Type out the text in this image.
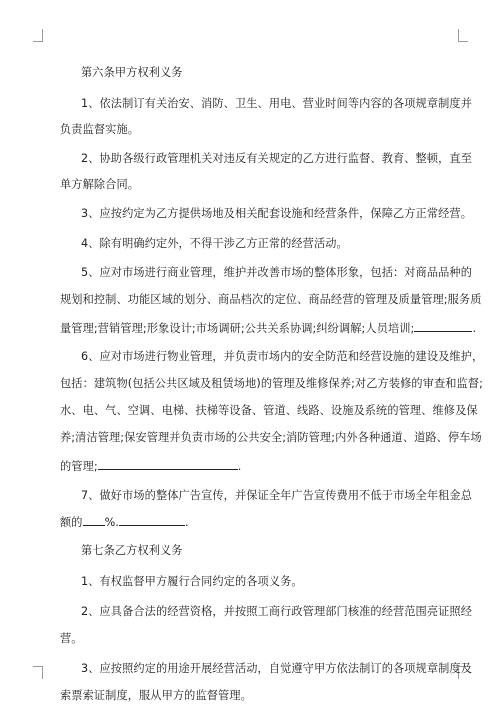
第六条甲方权利义务
1、依法制订有关治安、消防、卫生、用电、营业时间等内容的各项规章制度并
负责监督实施。
2、协助各级行政管理机关对违反有关规定的乙方进行监督、教育、整顿，直至
单方解除合同。
3、应按约定为乙方提供场地及相关配套设施和经营条件，保障乙方正常经营。
4、除有明确约定外，不得干涉乙方正常的经营活动。
5、应对市场进行商业管理，维护并改善市场的整体形象，包括：对商品品种的
规划和控制、功能区域的划分、商品档次的定位、商品经营的管理及质量管理;服务质
量管理;营销管理;形象设计;市场调研;公共关系协调;纠纷调解;人员培训;	.
6、应对市场进行物业管理，并负责市场内的安全防范和经营设施的建设及维护，
包括：建筑物(包括公共区域及租赁场地)的管理及维修保养;对乙方装修的审查和监督;
水、电、气、空调、电梯、扶梯等设备、管道、线路、设施及系统的管理、维修及保
养;清洁管理;保安管理并负责市场的公共安全;消防管理;内外各种通道、道路、停车场
的管理;	.
7、做好市场的整体广告宣传，并保证全年广告宣传费用不低于市场全年租金总
额的 %.	.
第七条乙方权利义务
1、有权监督甲方履行合同约定的各项义务。
2、应具备合法的经营资格，并按照工商行政管理部门核准的经营范围亮证照经
营。
3、应按照约定的用途开展经营活动，自觉遵守甲方依法制订的各项规章制度及
索票索证制度，服从甲方的监督管理。
